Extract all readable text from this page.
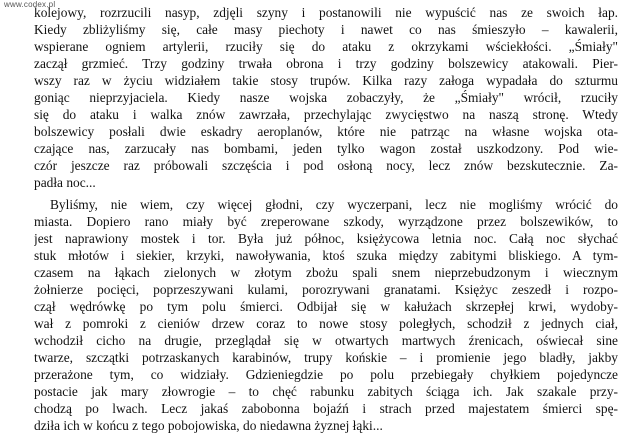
www.codex.pl
kolejowy, rozrzucili nasyp, zdjęli szyny i postanowili nie wypuścić nas ze swoich łap.
Kiedy zbliżyliśmy się, całe masy piechoty i nawet co nas śmieszyło – kawalerii,
wspierane ogniem artylerii, rzuciły się do ataku z okrzykami wściekłości. „Śmiały"
zaczął grzmieć. Trzy godziny trwała obrona i trzy godziny bolszewicy atakowali. Pier-
wszy raz w życiu widziałem takie stosy trupów. Kilka razy załoga wypadała do szturmu
goniąc nieprzyjaciela. Kiedy nasze wojska zobaczyły, że „Śmiały" wrócił, rzuciły
się do ataku i walka znów zawrzała, przechylając zwycięstwo na naszą stronę. Wtedy
bolszewicy posłali dwie eskadry aeroplanów, które nie patrząc na własne wojska ota-
czające nas, zarzucały nas bombami, jeden tylko wagon został uszkodzony. Pod wie-
czór jeszcze raz próbowali szczęścia i pod osłoną nocy, lecz znów bezskutecznie. Za-
padła noc...
Byliśmy, nie wiem, czy więcej głodni, czy wyczerpani, lecz nie mogliśmy wrócić do
miasta. Dopiero rano miały być zreperowane szkody, wyrządzone przez bolszewików, to
jest naprawiony mostek i tor. Była już północ, księżycowa letnia noc. Całą noc słychać
stuk młotów i siekier, krzyki, nawoływania, ktoś szuka między zabitymi bliskiego. A tym-
czasem na łąkach zielonych w złotym zbożu spali snem nieprzebudzonym i wiecznym
żołnierze pocięci, poprzeszywani kulami, porozrywani granatami. Księżyc zeszedł i rozpo-
czął wędrówkę po tym polu śmierci. Odbijał się w kałużach skrzepłej krwi, wydoby-
wał z pomroki z cieniów drzew coraz to nowe stosy poległych, schodził z jednych ciał,
wchodził cicho na drugie, przeglądał się w otwartych martwych źrenicach, oświecał sine
twarze, szczątki potrzaskanych karabinów, trupy końskie – i promienie jego bladły, jakby
przerażone tym, co widziały. Gdzieniegdzie po polu przebiegały chyłkiem pojedyncze
postacie jak mary złowrogie – to chęć rabunku zabitych ściąga ich. Jak szakale przy-
chodzą po lwach. Lecz jakaś zabobonna bojaźń i strach przed majestatem śmierci spę-
dziła ich w końcu z tego pobojowiska, do niedawna żyznej łąki...
